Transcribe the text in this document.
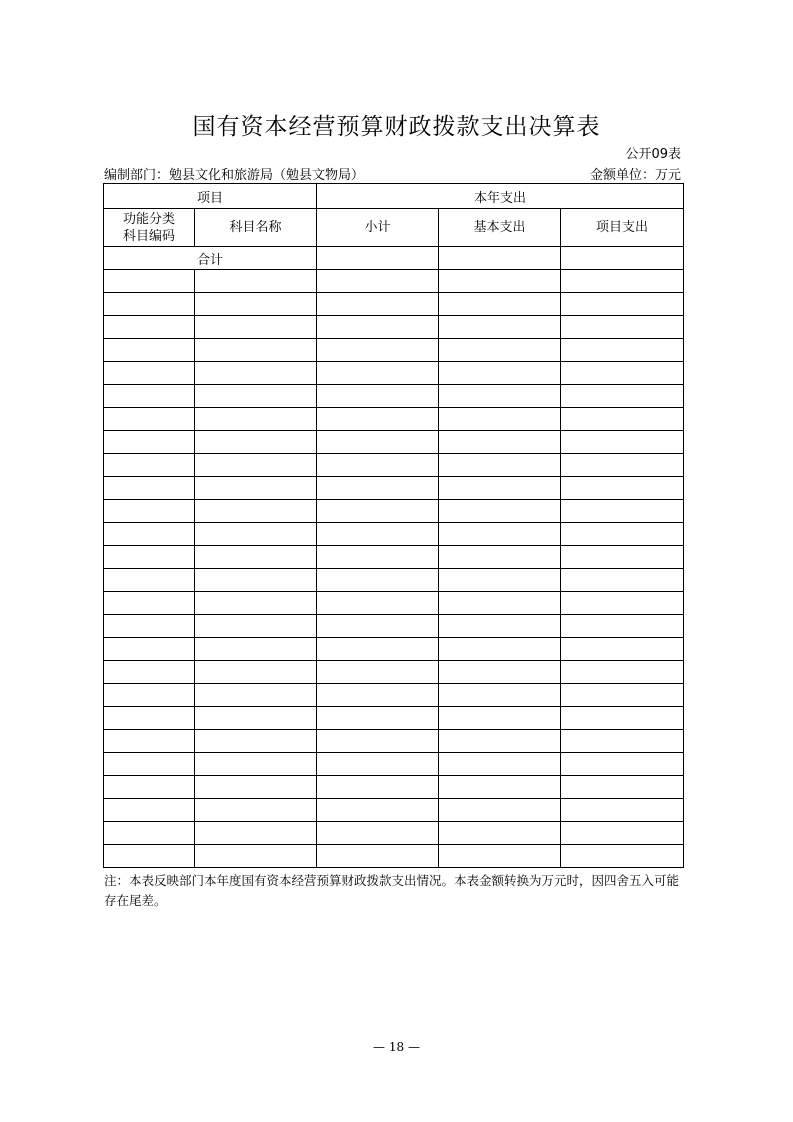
国有资本经营预算财政拨款支出决算表
公开09表
编制部门：勉县文化和旅游局（勉县文物局）	金额单位：万元
项目		本年支出		

功能分类
科目编码	科目名称	小计	基本支出	项目支出
合计				

注：本表反映部门本年度国有资本经营预算财政拨款支出情况。本表金额转换为万元时，因四舍五入可能存在尾差。
— 18 —
